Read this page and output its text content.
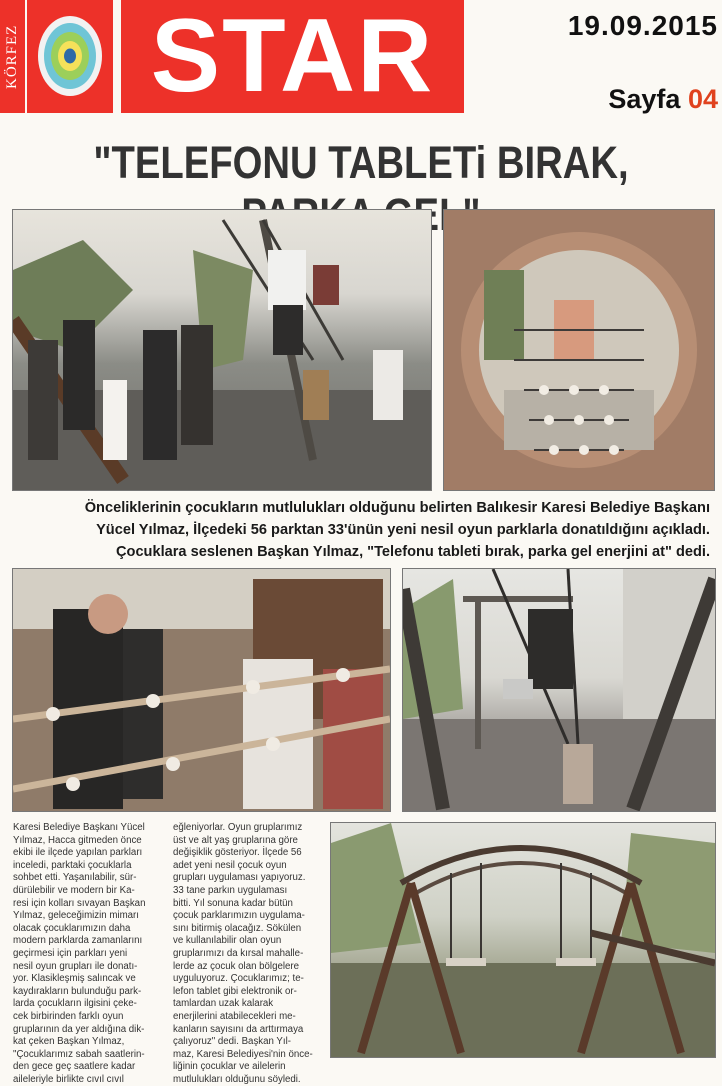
KÖRFEZ STAR	19.09.2015
Sayfa 04
"TELEFONU TABLETi BIRAK, GEL"
Önceliklerinin çocukların mutlulukları olduğunu belirten Balıkesir Karesi Belediye Başkanı
Yücel Yılmaz, İlçedeki 56 parktan 33'ünün yeni nesil oyun parklarla donatıldığını açıkladı.
Çocuklara seslenen Başkan Yılmaz, "Telefonu tableti bırak, parka gel enerjini at" dedi.
Karesi Belediye Başkanı Yücel
Yılmaz, Hacca gitmeden önce
ekibi ile ilçede yapılan parkları
inceledi, parktaki çocuklarla
sohbet etti. Yaşanılabilir, sür-
dürülebilir ve modern bir Ka-
resi için kolları sıvayan Başkan
Yılmaz, geleceğimizin mimarı
olacak çocuklarımızın daha
modern parklarda zamanlarını
geçirmesi için parkları yeni
nesil oyun grupları ile donatı-
yor. Klasikleşmiş salıncak ve
kaydırakların bulunduğu park-
larda çocukların ilgisini çeke-
cek birbirinden farklı oyun
gruplarının da yer aldığına dik-
kat çeken Başkan Yılmaz,
"Çocuklarımız sabah saatlerin-
den gece geç saatlere kadar
aileleriyle birlikte cıvıl cıvıl
eğleniyorlar. Oyun gruplarımız
üst ve alt yaş gruplarına göre
değişiklik gösteriyor. İlçede 56
adet yeni nesil çocuk oyun
grupları uygulaması yapıyoruz.
33 tane parkın uygulaması
bitti. Yıl sonuna kadar bütün
çocuk parklarımızın uygulama-
sını bitirmiş olacağız. Sökülen
ve kullanılabilir olan oyun
gruplarımızı da kırsal mahalle-
lerde az çocuk olan bölgelere
uyguluyoruz. Çocuklarımız; te-
lefon tablet gibi elektronik or-
tamlardan uzak kalarak
enerjilerini atabilecekleri me-
kanların sayısını da arttırmaya
çalıyoruz" dedi. Başkan Yıl-
maz, Karesi Belediyesi'nin önce-
liğinin çocuklar ve ailelerin
mutlulukları olduğunu söyledi.
